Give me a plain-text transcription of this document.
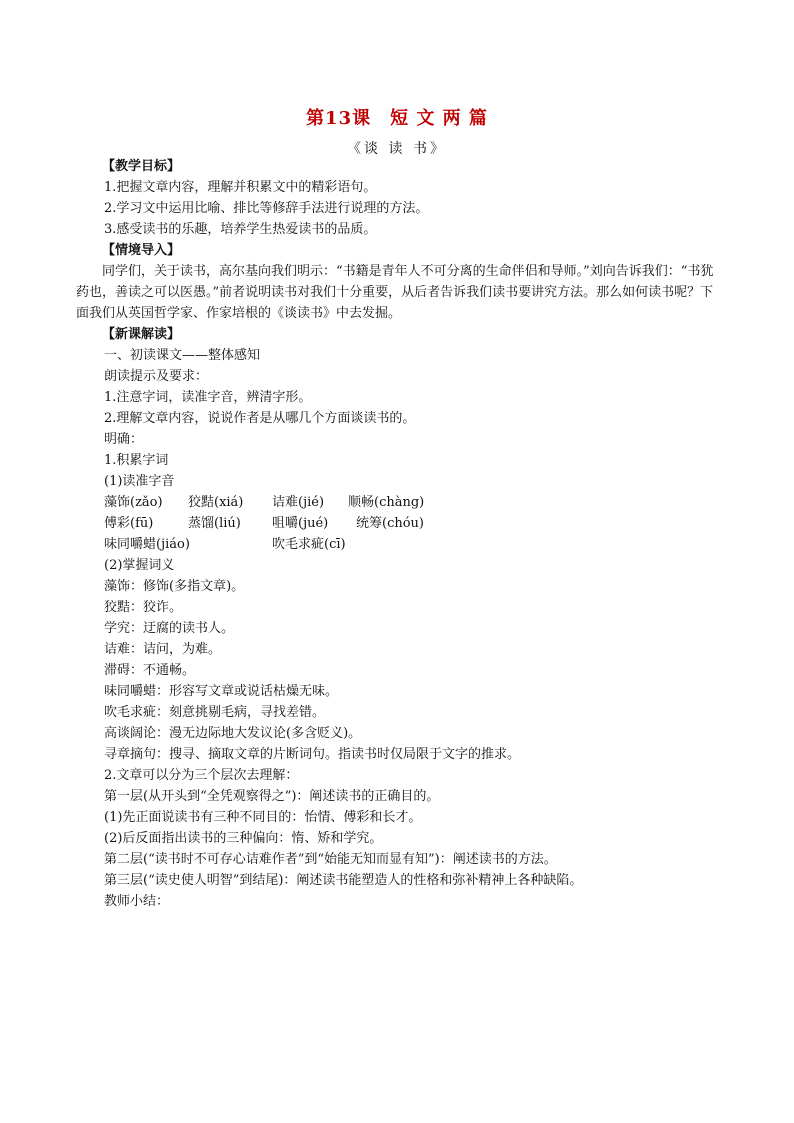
第13课　短 文 两 篇
《谈 读 书》
【教学目标】
1.把握文章内容，理解并积累文中的精彩语句。
2.学习文中运用比喻、排比等修辞手法进行说理的方法。
3.感受读书的乐趣，培养学生热爱读书的品质。
【情境导入】
同学们，关于读书，高尔基向我们明示：“书籍是青年人不可分离的生命伴侣和导师。”刘向告诉我们：“书犹药也，善读之可以医愚。”前者说明读书对我们十分重要，从后者告诉我们读书要讲究方法。那么如何读书呢？下面我们从英国哲学家、作家培根的《谈读书》中去发掘。
【新课解读】
一、初读课文——整体感知
朗读提示及要求：
1.注意字词，读准字音，辨清字形。
2.理解文章内容，说说作者是从哪几个方面谈读书的。
明确：
1.积累字词
(1)读准字音
藻饰(zǎo) 狡黠(xiá) 诘难(jié) 顺畅(chàng)
傅彩(fū)	蒸馏(liú) 咀嚼(jué) 统筹(chóu)
味同嚼蜡(jiáo)	吹毛求疵(cī)
(2)掌握词义
藻饰：修饰(多指文章)。
狡黠：狡诈。
学究：迂腐的读书人。
诘难：诘问，为难。
滞碍：不通畅。
味同嚼蜡：形容写文章或说话枯燥无味。
吹毛求疵：刻意挑剔毛病，寻找差错。
高谈阔论：漫无边际地大发议论(多含贬义)。
寻章摘句：搜寻、摘取文章的片断词句。指读书时仅局限于文字的推求。
2.文章可以分为三个层次去理解：
第一层(从开头到“全凭观察得之”)：阐述读书的正确目的。
(1)先正面说读书有三种不同目的：怡情、傅彩和长才。
(2)后反面指出读书的三种偏向：惰、矫和学究。
第二层(“读书时不可存心诘难作者”到“始能无知而显有知”)：阐述读书的方法。
第三层(“读史使人明智”到结尾)：阐述读书能塑造人的性格和弥补精神上各种缺陷。
教师小结：
